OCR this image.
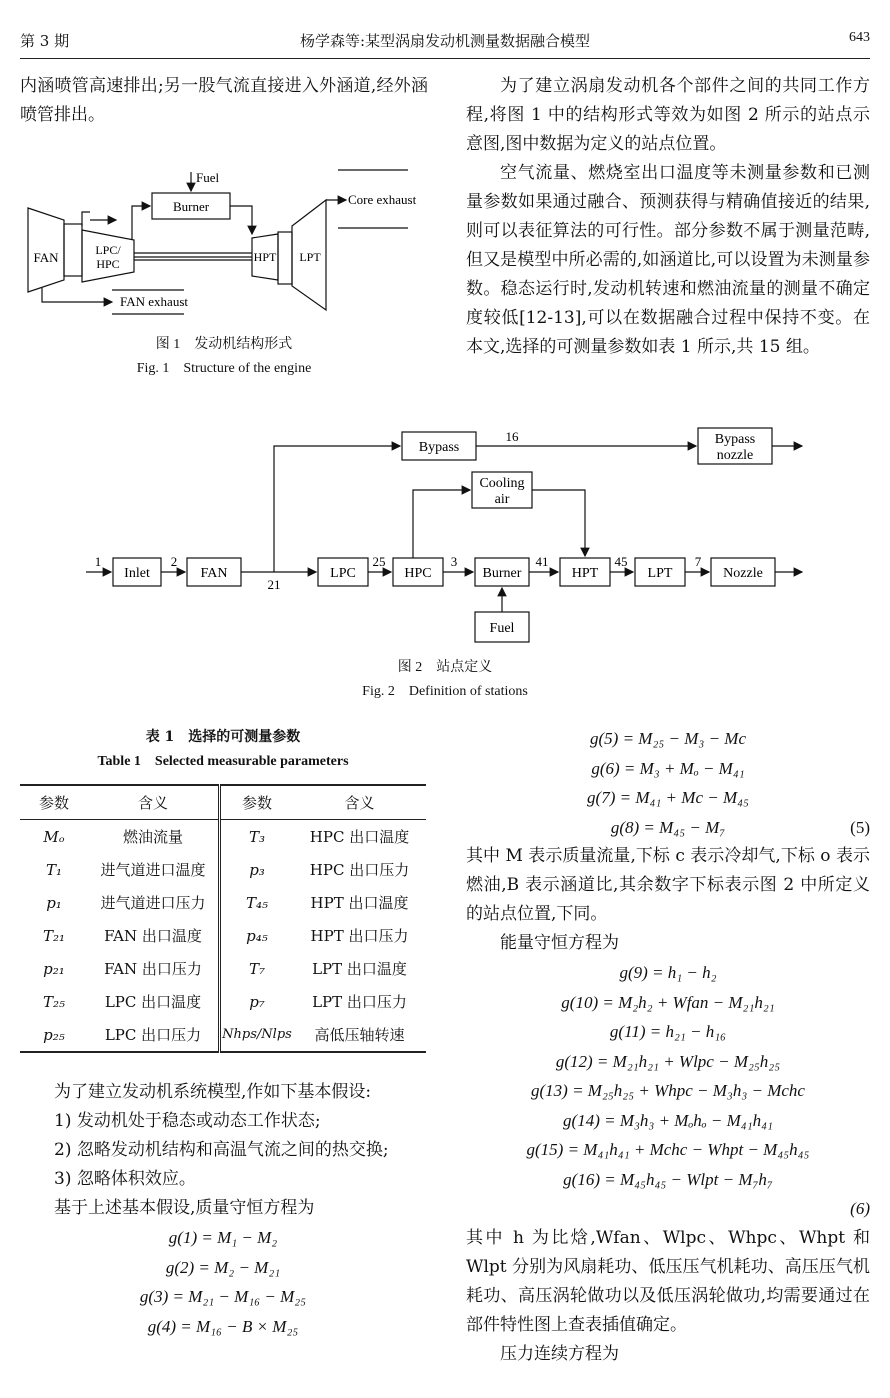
第 3 期	杨学森等:某型涡扇发动机测量数据融合模型	643

内涵喷管高速排出;另一股气流直接进入外涵道,经外涵喷管排出。

Fuel
Burner	Core exhaust
FAN	LPC/
HPC	HPT LPT
FAN exhaust
图 1　发动机结构形式
Fig. 1　Structure of the engine

为了建立涡扇发动机各个部件之间的共同工作方程,将图 1 中的结构形式等效为如图 2 所示的站点示意图,图中数据为定义的站点位置。

空气流量、燃烧室出口温度等未测量参数和已测量参数如果通过融合、预测获得与精确值接近的结果,则可以表征算法的可行性。部分参数不属于测量范畴,但又是模型中所必需的,如涵道比,可以设置为未测量参数。稳态运行时,发动机转速和燃油流量的测量不确定度较低[12-13],可以在数据融合过程中保持不变。在本文,选择的可测量参数如表 1 所示,共 15 组。

Inlet	FAN	LPC	HPC	Burner	HPT	LPT	Nozzle
Bypass
Bypass
nozzle
Cooling
air
Fuel
1	2
21
25	3	41	45	7
16
图 2　站点定义
Fig. 2　Definition of stations
表 1　选择的可测量参数
Table 1　Selected measurable parameters
参数	含义	参数	含义
Mₒ	燃油流量	T₃	HPC 出口温度
T₁	进气道进口温度	p₃	HPC 出口压力
p₁	进气道进口压力	T₄₅	HPT 出口温度
T₂₁	FAN 出口温度	p₄₅	HPT 出口压力
p₂₁	FAN 出口压力	T₇	LPT 出口温度
T₂₅	LPC 出口温度	p₇	LPT 出口压力
p₂₅	LPC 出口压力	Nhps/Nlps	高低压轴转速

为了建立发动机系统模型,作如下基本假设:

1) 发动机处于稳态或动态工作状态;

2) 忽略发动机结构和高温气流之间的热交换;

3) 忽略体积效应。

基于上述基本假设,质量守恒方程为

g(1) = M₁ − M₂
g(2) = M₂ − M₂₁
g(3) = M₂₁ − M₁₆ − M₂₅
g(4) = M₁₆ − B × M₂₅
g(5) = M₂₅ − M₃ − Mc
g(6) = M₃ + Mₒ − M₄₁
g(7) = M₄₁ + Mc − M₄₅
g(8) = M₄₅ − M₇	(5)

其中 M 表示质量流量,下标 c 表示冷却气,下标 o 表示燃油,B 表示涵道比,其余数字下标表示图 2 中所定义的站点位置,下同。

能量守恒方程为

g(9) = h₁ − h₂
g(10) = M₂h₂ + Wfan − M₂₁h₂₁
g(11) = h₂₁ − h₁₆
g(12) = M₂₁h₂₁ + Wlpc − M₂₅h₂₅
g(13) = M₂₅h₂₅ + Whpc − M₃h₃ − Mchc
g(14) = M₃h₃ + Mₒhₒ − M₄₁h₄₁
g(15) = M₄₁h₄₁ + Mchc − Whpt − M₄₅h₄₅
g(16) = M₄₅h₄₅ − Wlpt − M₇h₇
(6)

其中 h 为比焓,Wfan、Wlpc、Whpc、Whpt 和 Wlpt 分别为风扇耗功、低压压气机耗功、高压压气机耗功、高压涡轮做功以及低压涡轮做功,均需要通过在部件特性图上查表插值确定。

压力连续方程为
